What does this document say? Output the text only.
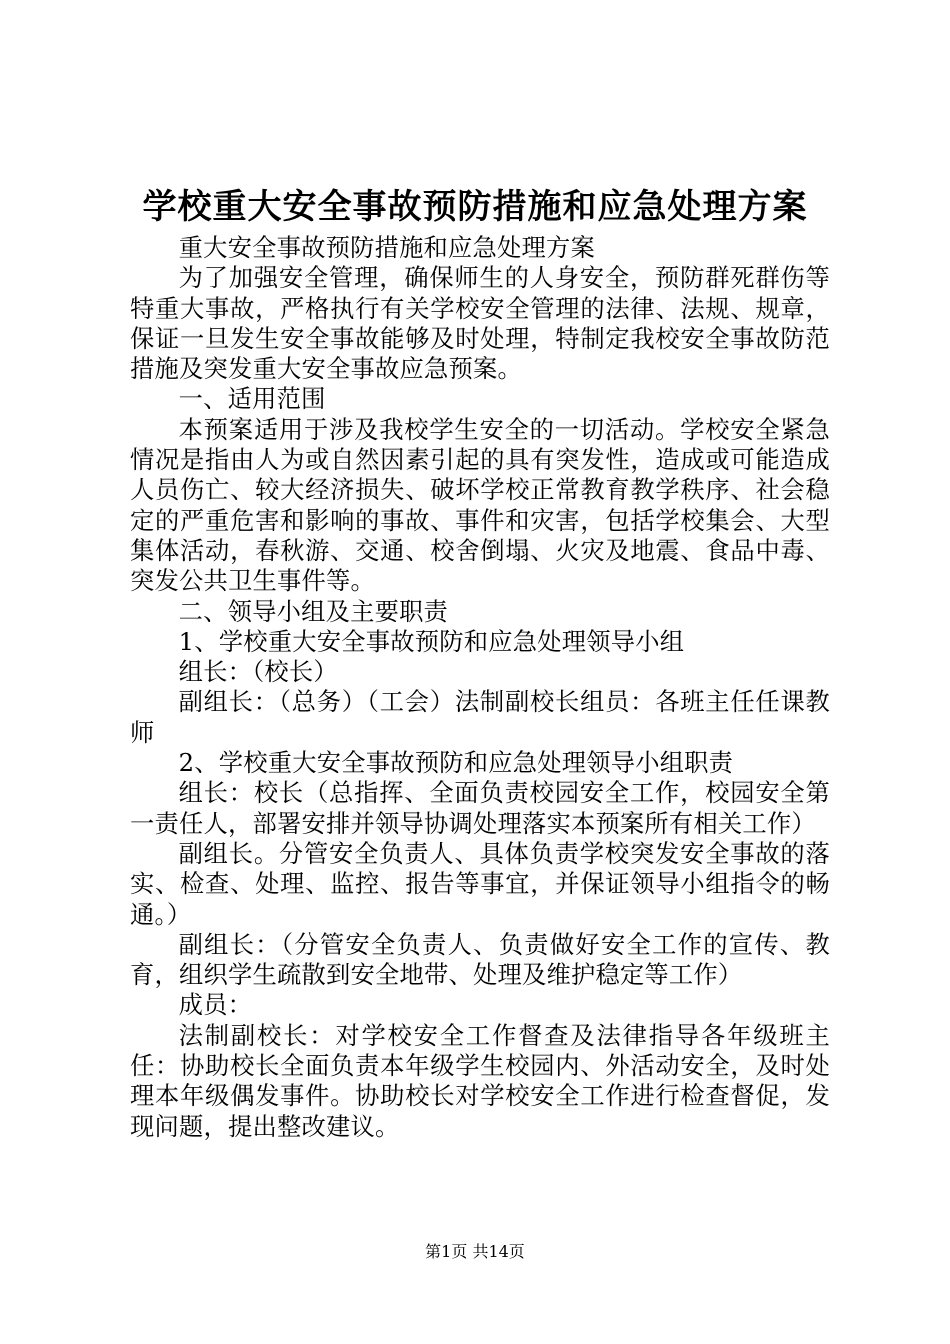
学校重大安全事故预防措施和应急处理方案

重大安全事故预防措施和应急处理方案

为了加强安全管理，确保师生的人身安全，预防群死群伤等特重大事故，严格执行有关学校安全管理的法律、法规、规章，保证一旦发生安全事故能够及时处理，特制定我校安全事故防范措施及突发重大安全事故应急预案。

一、适用范围

本预案适用于涉及我校学生安全的一切活动。学校安全紧急情况是指由人为或自然因素引起的具有突发性，造成或可能造成人员伤亡、较大经济损失、破坏学校正常教育教学秩序、社会稳定的严重危害和影响的事故、事件和灾害，包括学校集会、大型集体活动，春秋游、交通、校舍倒塌、火灾及地震、食品中毒、突发公共卫生事件等。

二、领导小组及主要职责

1、学校重大安全事故预防和应急处理领导小组

组长：（校长）

副组长：（总务）（工会）法制副校长组员：各班主任任课教师

2、学校重大安全事故预防和应急处理领导小组职责

组长：校长（总指挥、全面负责校园安全工作，校园安全第一责任人，部署安排并领导协调处理落实本预案所有相关工作）

副组长。分管安全负责人、具体负责学校突发安全事故的落实、检查、处理、监控、报告等事宜，并保证领导小组指令的畅通。）

副组长：（分管安全负责人、负责做好安全工作的宣传、教育，组织学生疏散到安全地带、处理及维护稳定等工作）

成员：

法制副校长：对学校安全工作督查及法律指导各年级班主任：协助校长全面负责本年级学生校园内、外活动安全，及时处理本年级偶发事件。协助校长对学校安全工作进行检查督促，发现问题，提出整改建议。

第1页 共14页
